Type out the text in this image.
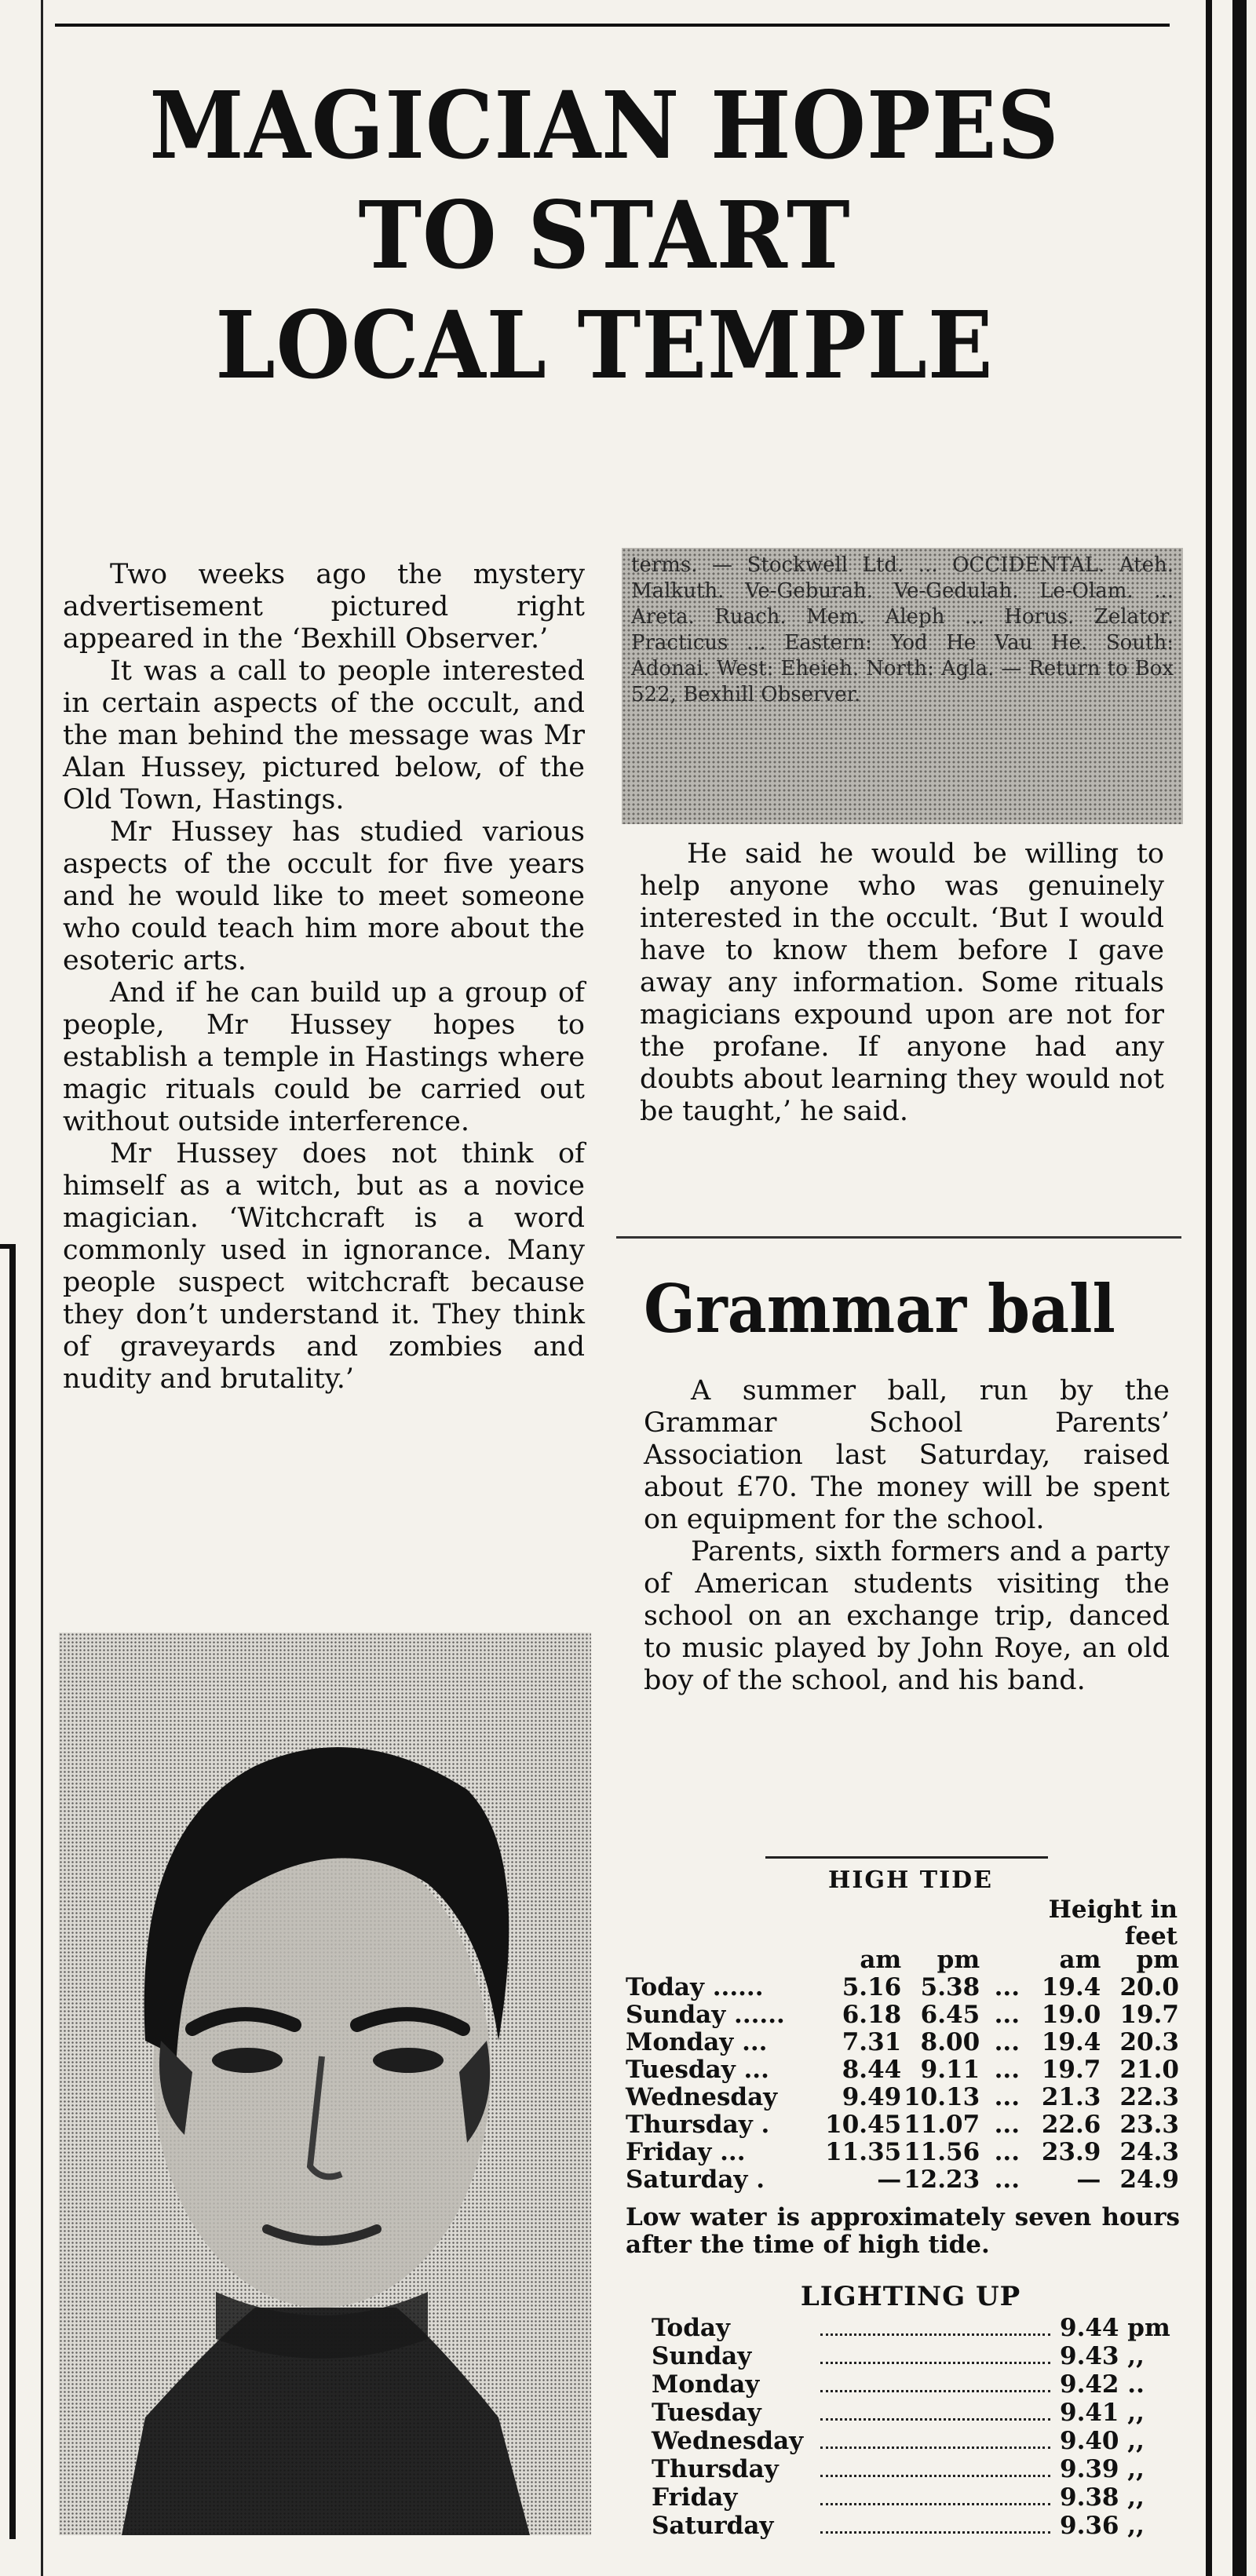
MAGICIAN HOPES
TO START
LOCAL TEMPLE

Two weeks ago the mystery advertisement pictured right appeared in the ‘Bexhill Observer.’

It was a call to people interested in certain aspects of the occult, and the man behind the message was Mr Alan Hussey, pictured below, of the Old Town, Hastings.

Mr Hussey has studied various aspects of the occult for five years and he would like to meet someone who could teach him more about the esoteric arts.

And if he can build up a group of people, Mr Hussey hopes to establish a temple in Hastings where magic rituals could be carried out without outside interference.

Mr Hussey does not think of himself as a witch, but as a novice magician. ‘Witchcraft is a word commonly used in ignorance. Many people suspect witchcraft because they don’t understand it. They think of graveyards and zombies and nudity and brutality.’

terms. — Stockwell Ltd. ... OCCIDENTAL. Ateh. Malkuth. Ve-Geburah. Ve-Gedulah. Le-Olam. ... Areta. Ruach. Mem. Aleph ... Horus. Zelator. Practicus ... Eastern: Yod He Vau He. South: Adonai. West: Eheieh. North: Agla. — Return to Box 522, Bexhill Observer.

He said he would be willing to help anyone who was genuinely interested in the occult. ‘But I would have to know them before I gave away any information. Some rituals magicians expound upon are not for the profane. If anyone had any doubts about learning they would not be taught,’ he said.

Grammar ball

A summer ball, run by the Grammar School Parents’ Association last Saturday, raised about £70. The money will be spent on equipment for the school.

Parents, sixth formers and a party of American students visiting the school on an exchange trip, danced to music played by John Roye, an old boy of the school, and his band.

HIGH TIDE
Height in feet
	am	pm		am	pm
Today ......	5.16	5.38	...	19.4	20.0
Sunday ......	6.18	6.45	...	19.0	19.7
Monday ...	7.31	8.00	...	19.4	20.3
Tuesday ...	8.44	9.11	...	19.7	21.0
Wednesday	9.49	10.13	...	21.3	22.3
Thursday .	10.45	11.07	...	22.6	23.3
Friday ...	11.35	11.56	...	23.9	24.3
Saturday .	—	12.23	...	—	24.9
Low water is approximately seven hours after the time of high tide.
LIGHTING UP
Today	9.44 pm
Sunday	9.43 ,,
Monday	9.42 ..
Tuesday	9.41 ,,
Wednesday	9.40 ,,
Thursday	9.39 ,,
Friday	9.38 ,,
Saturday	9.36 ,,
